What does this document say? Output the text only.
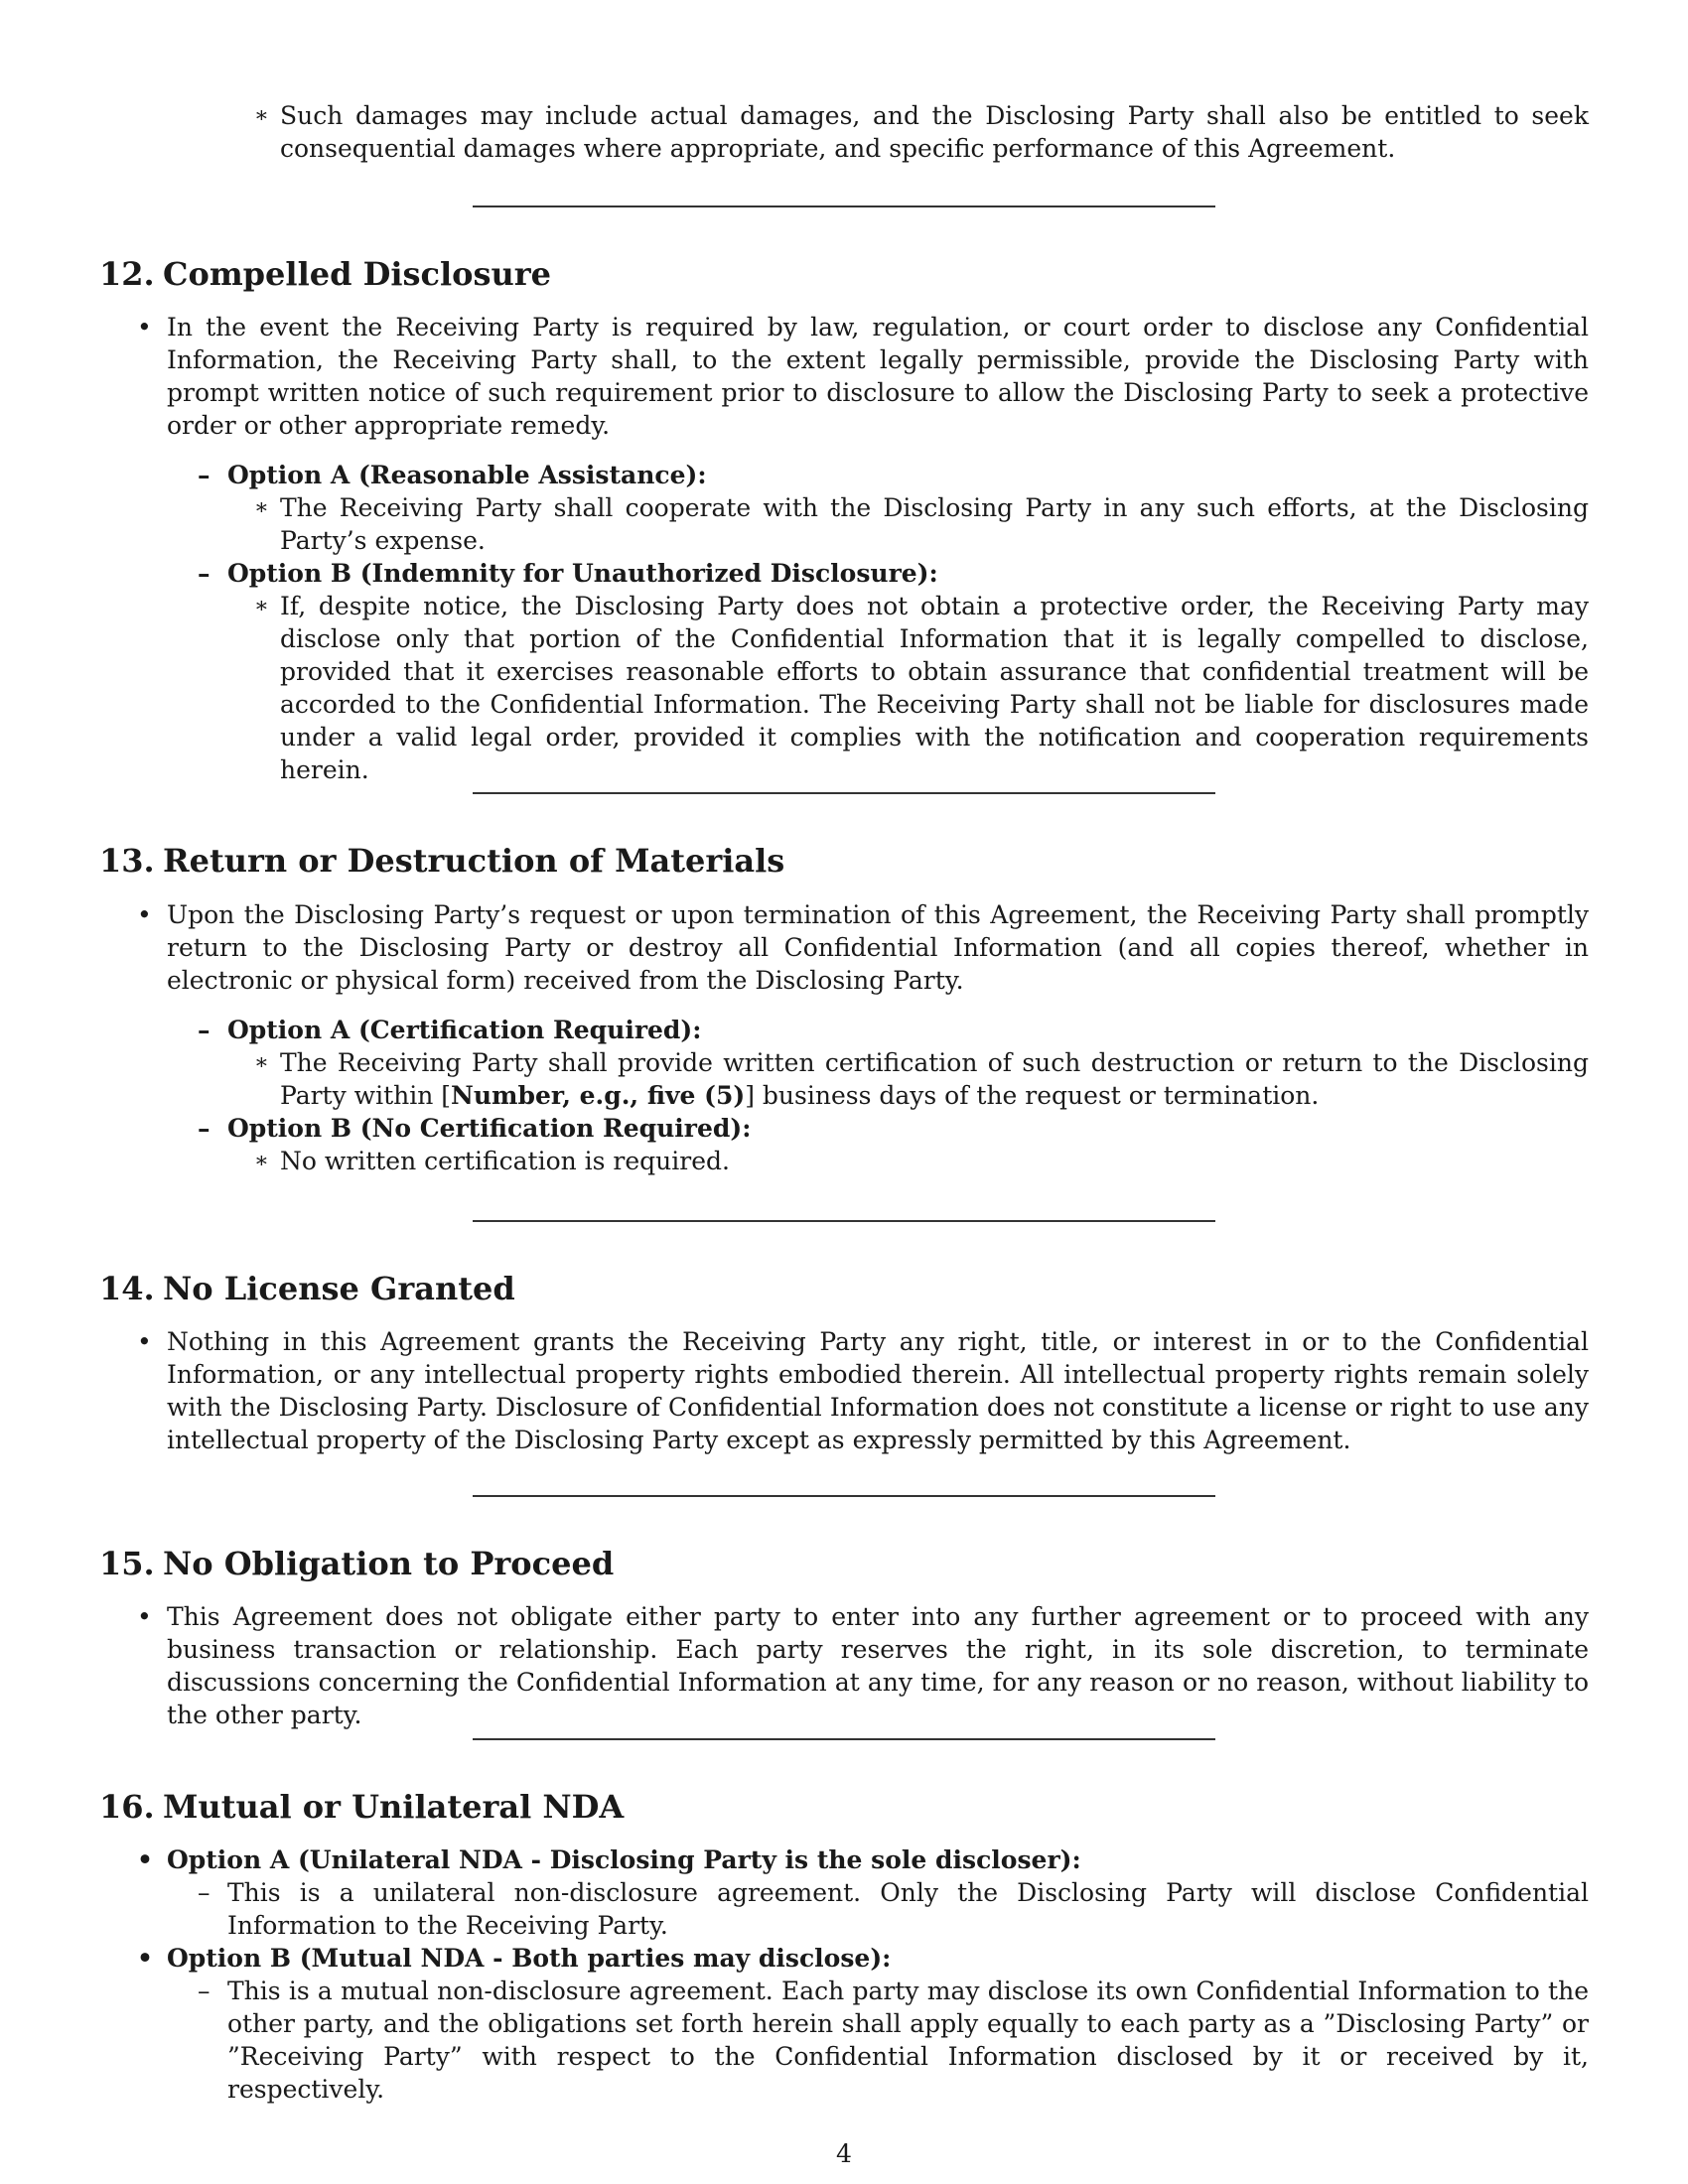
∗ Such damages may include actual damages, and the Disclosing Party shall also be entitled to seek consequential damages where appropriate, and specific performance of this Agreement.
12. Compelled Disclosure
• In the event the Receiving Party is required by law, regulation, or court order to disclose any Confidential Information, the Receiving Party shall, to the extent legally permissible, provide the Disclosing Party with prompt written notice of such requirement prior to disclosure to allow the Disclosing Party to seek a protective order or other appropriate remedy.
– Option A (Reasonable Assistance):
∗ The Receiving Party shall cooperate with the Disclosing Party in any such efforts, at the Disclosing Party’s expense.
– Option B (Indemnity for Unauthorized Disclosure):
∗ If, despite notice, the Disclosing Party does not obtain a protective order, the Receiving Party may disclose only that portion of the Confidential Information that it is legally compelled to disclose, provided that it exercises reasonable efforts to obtain assurance that confidential treatment will be accorded to the Confidential Information. The Receiving Party shall not be liable for disclosures made under a valid legal order, provided it complies with the notification and cooperation requirements herein.
13. Return or Destruction of Materials
• Upon the Disclosing Party’s request or upon termination of this Agreement, the Receiving Party shall promptly return to the Disclosing Party or destroy all Confidential Information (and all copies thereof, whether in electronic or physical form) received from the Disclosing Party.
– Option A (Certification Required):
∗ The Receiving Party shall provide written certification of such destruction or return to the Disclosing Party within [Number, e.g., five (5)] business days of the request or termination.
– Option B (No Certification Required):
∗ No written certification is required.
14. No License Granted
• Nothing in this Agreement grants the Receiving Party any right, title, or interest in or to the Confidential Information, or any intellectual property rights embodied therein. All intellectual property rights remain solely with the Disclosing Party. Disclosure of Confidential Information does not constitute a license or right to use any intellectual property of the Disclosing Party except as expressly permitted by this Agreement.
15. No Obligation to Proceed
• This Agreement does not obligate either party to enter into any further agreement or to proceed with any business transaction or relationship. Each party reserves the right, in its sole discretion, to terminate discussions concerning the Confidential Information at any time, for any reason or no reason, without liability to the other party.
16. Mutual or Unilateral NDA
• Option A (Unilateral NDA - Disclosing Party is the sole discloser):
– This is a unilateral non-disclosure agreement. Only the Disclosing Party will disclose Confidential Information to the Receiving Party.
• Option B (Mutual NDA - Both parties may disclose):
– This is a mutual non-disclosure agreement. Each party may disclose its own Confidential Information to the other party, and the obligations set forth herein shall apply equally to each party as a ”Disclosing Party” or ”Receiving Party” with respect to the Confidential Information disclosed by it or received by it, respectively.
4
